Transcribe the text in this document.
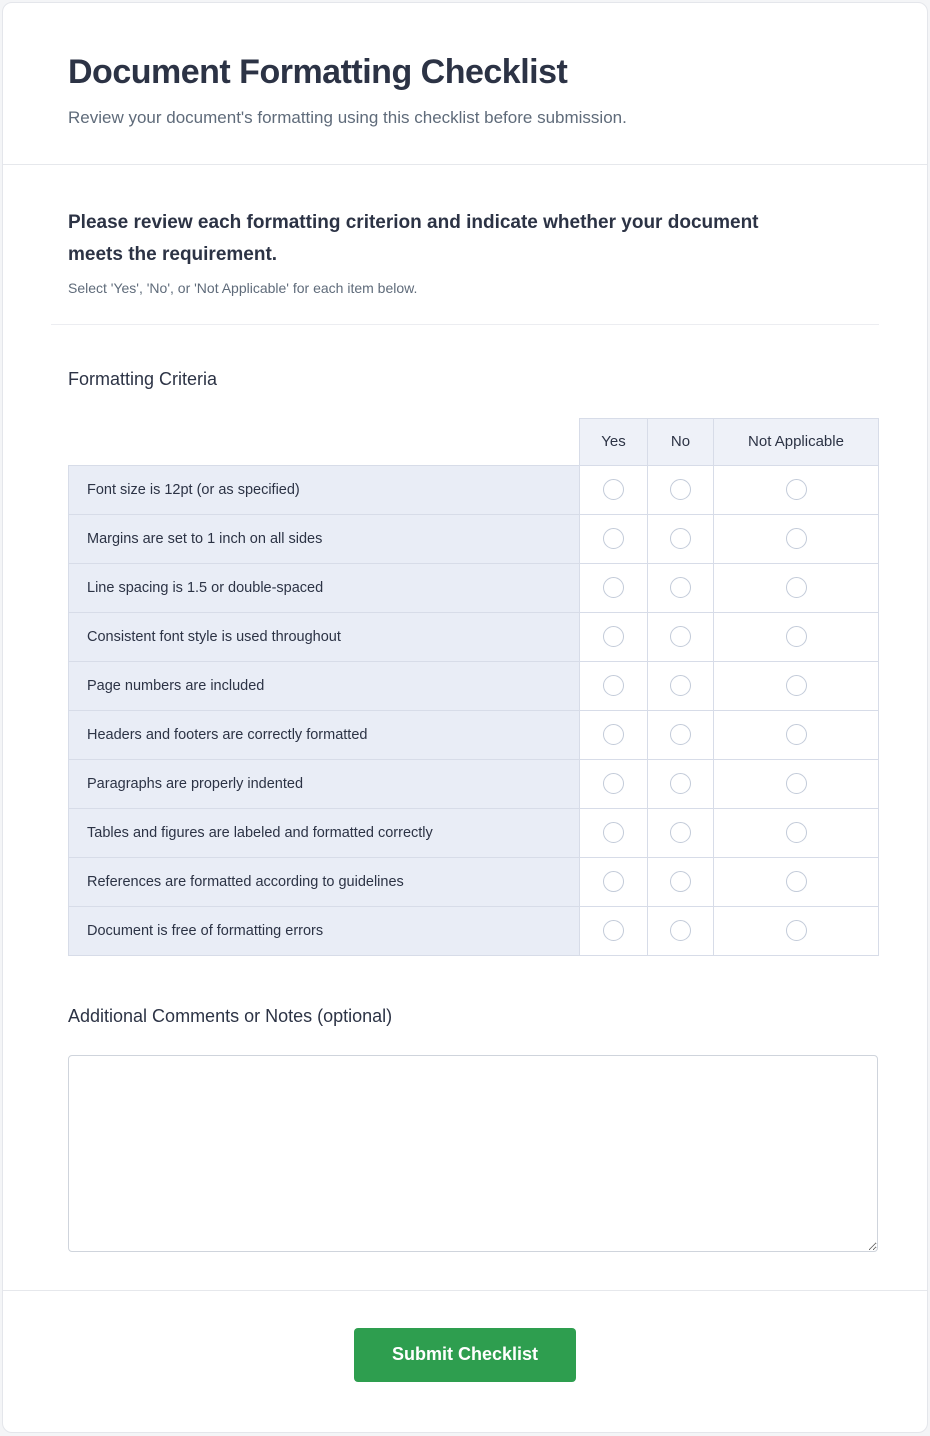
Document Formatting Checklist
Review your document's formatting using this checklist before submission.
Please review each formatting criterion and indicate whether your document meets the requirement.
Select 'Yes', 'No', or 'Not Applicable' for each item below.
Formatting Criteria
	Yes	No	Not Applicable
Font size is 12pt (or as specified)			
Margins are set to 1 inch on all sides			
Line spacing is 1.5 or double-spaced			
Consistent font style is used throughout			
Page numbers are included			
Headers and footers are correctly formatted			
Paragraphs are properly indented			
Tables and figures are labeled and formatted correctly			
References are formatted according to guidelines			
Document is free of formatting errors			
Additional Comments or Notes (optional)
Submit Checklist
